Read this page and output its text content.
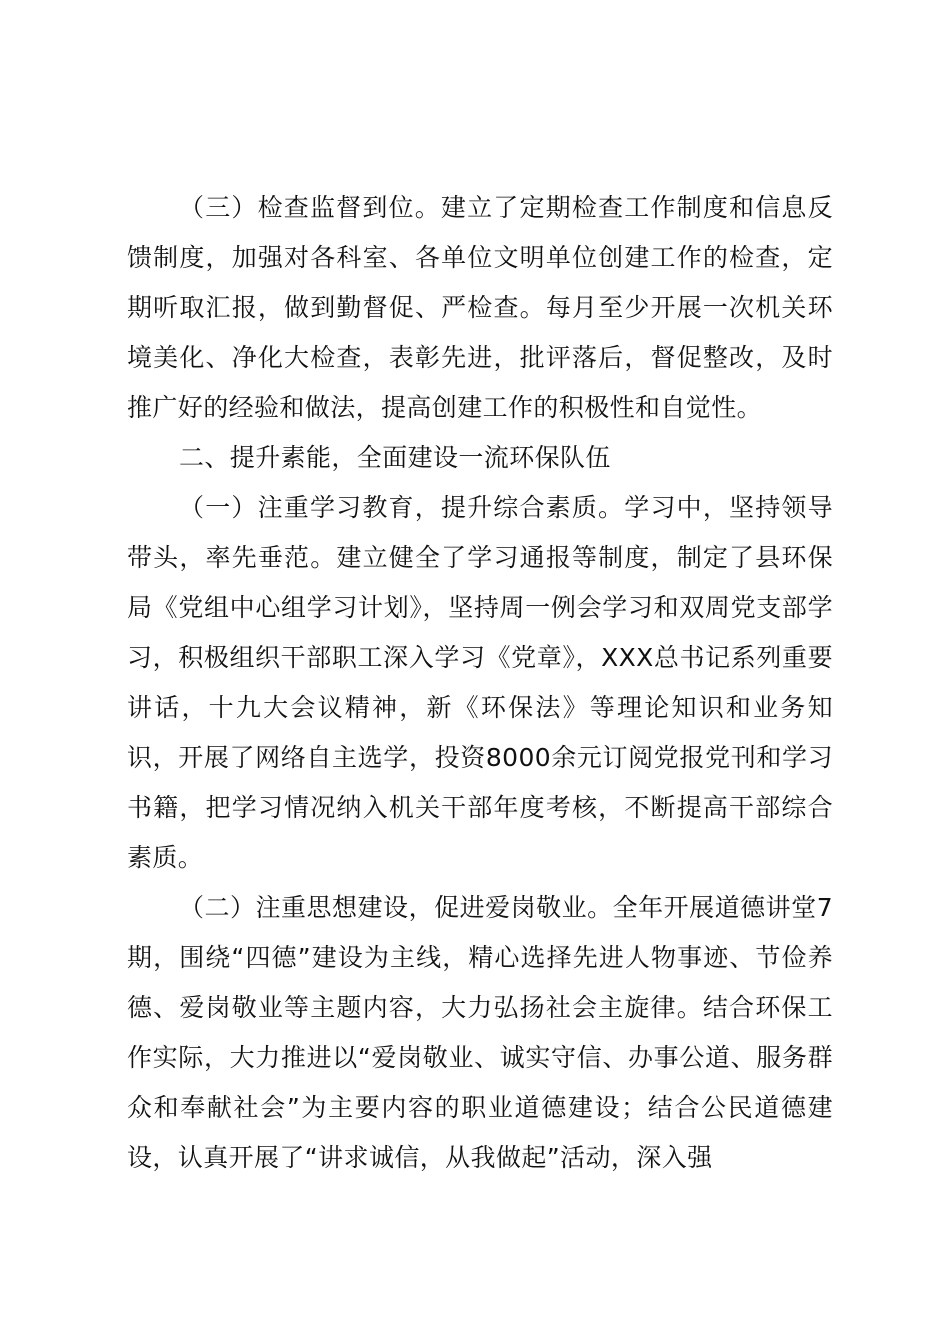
（三）检查监督到位。建立了定期检查工作制度和信息反馈制度，加强对各科室、各单位文明单位创建工作的检查，定期听取汇报，做到勤督促、严检查。每月至少开展一次机关环境美化、净化大检查，表彰先进，批评落后，督促整改，及时推广好的经验和做法，提高创建工作的积极性和自觉性。

二、提升素能，全面建设一流环保队伍

（一）注重学习教育，提升综合素质。学习中，坚持领导带头，率先垂范。建立健全了学习通报等制度，制定了县环保局《党组中心组学习计划》，坚持周一例会学习和双周党支部学习，积极组织干部职工深入学习《党章》，XXX总书记系列重要讲话，十九大会议精神，新《环保法》等理论知识和业务知识，开展了网络自主选学，投资8000余元订阅党报党刊和学习书籍，把学习情况纳入机关干部年度考核，不断提高干部综合素质。

（二）注重思想建设，促进爱岗敬业。全年开展道德讲堂7期，围绕“四德”建设为主线，精心选择先进人物事迹、节俭养德、爱岗敬业等主题内容，大力弘扬社会主旋律。结合环保工作实际，大力推进以“爱岗敬业、诚实守信、办事公道、服务群众和奉献社会”为主要内容的职业道德建设；结合公民道德建设，认真开展了“讲求诚信，从我做起”活动，深入强
